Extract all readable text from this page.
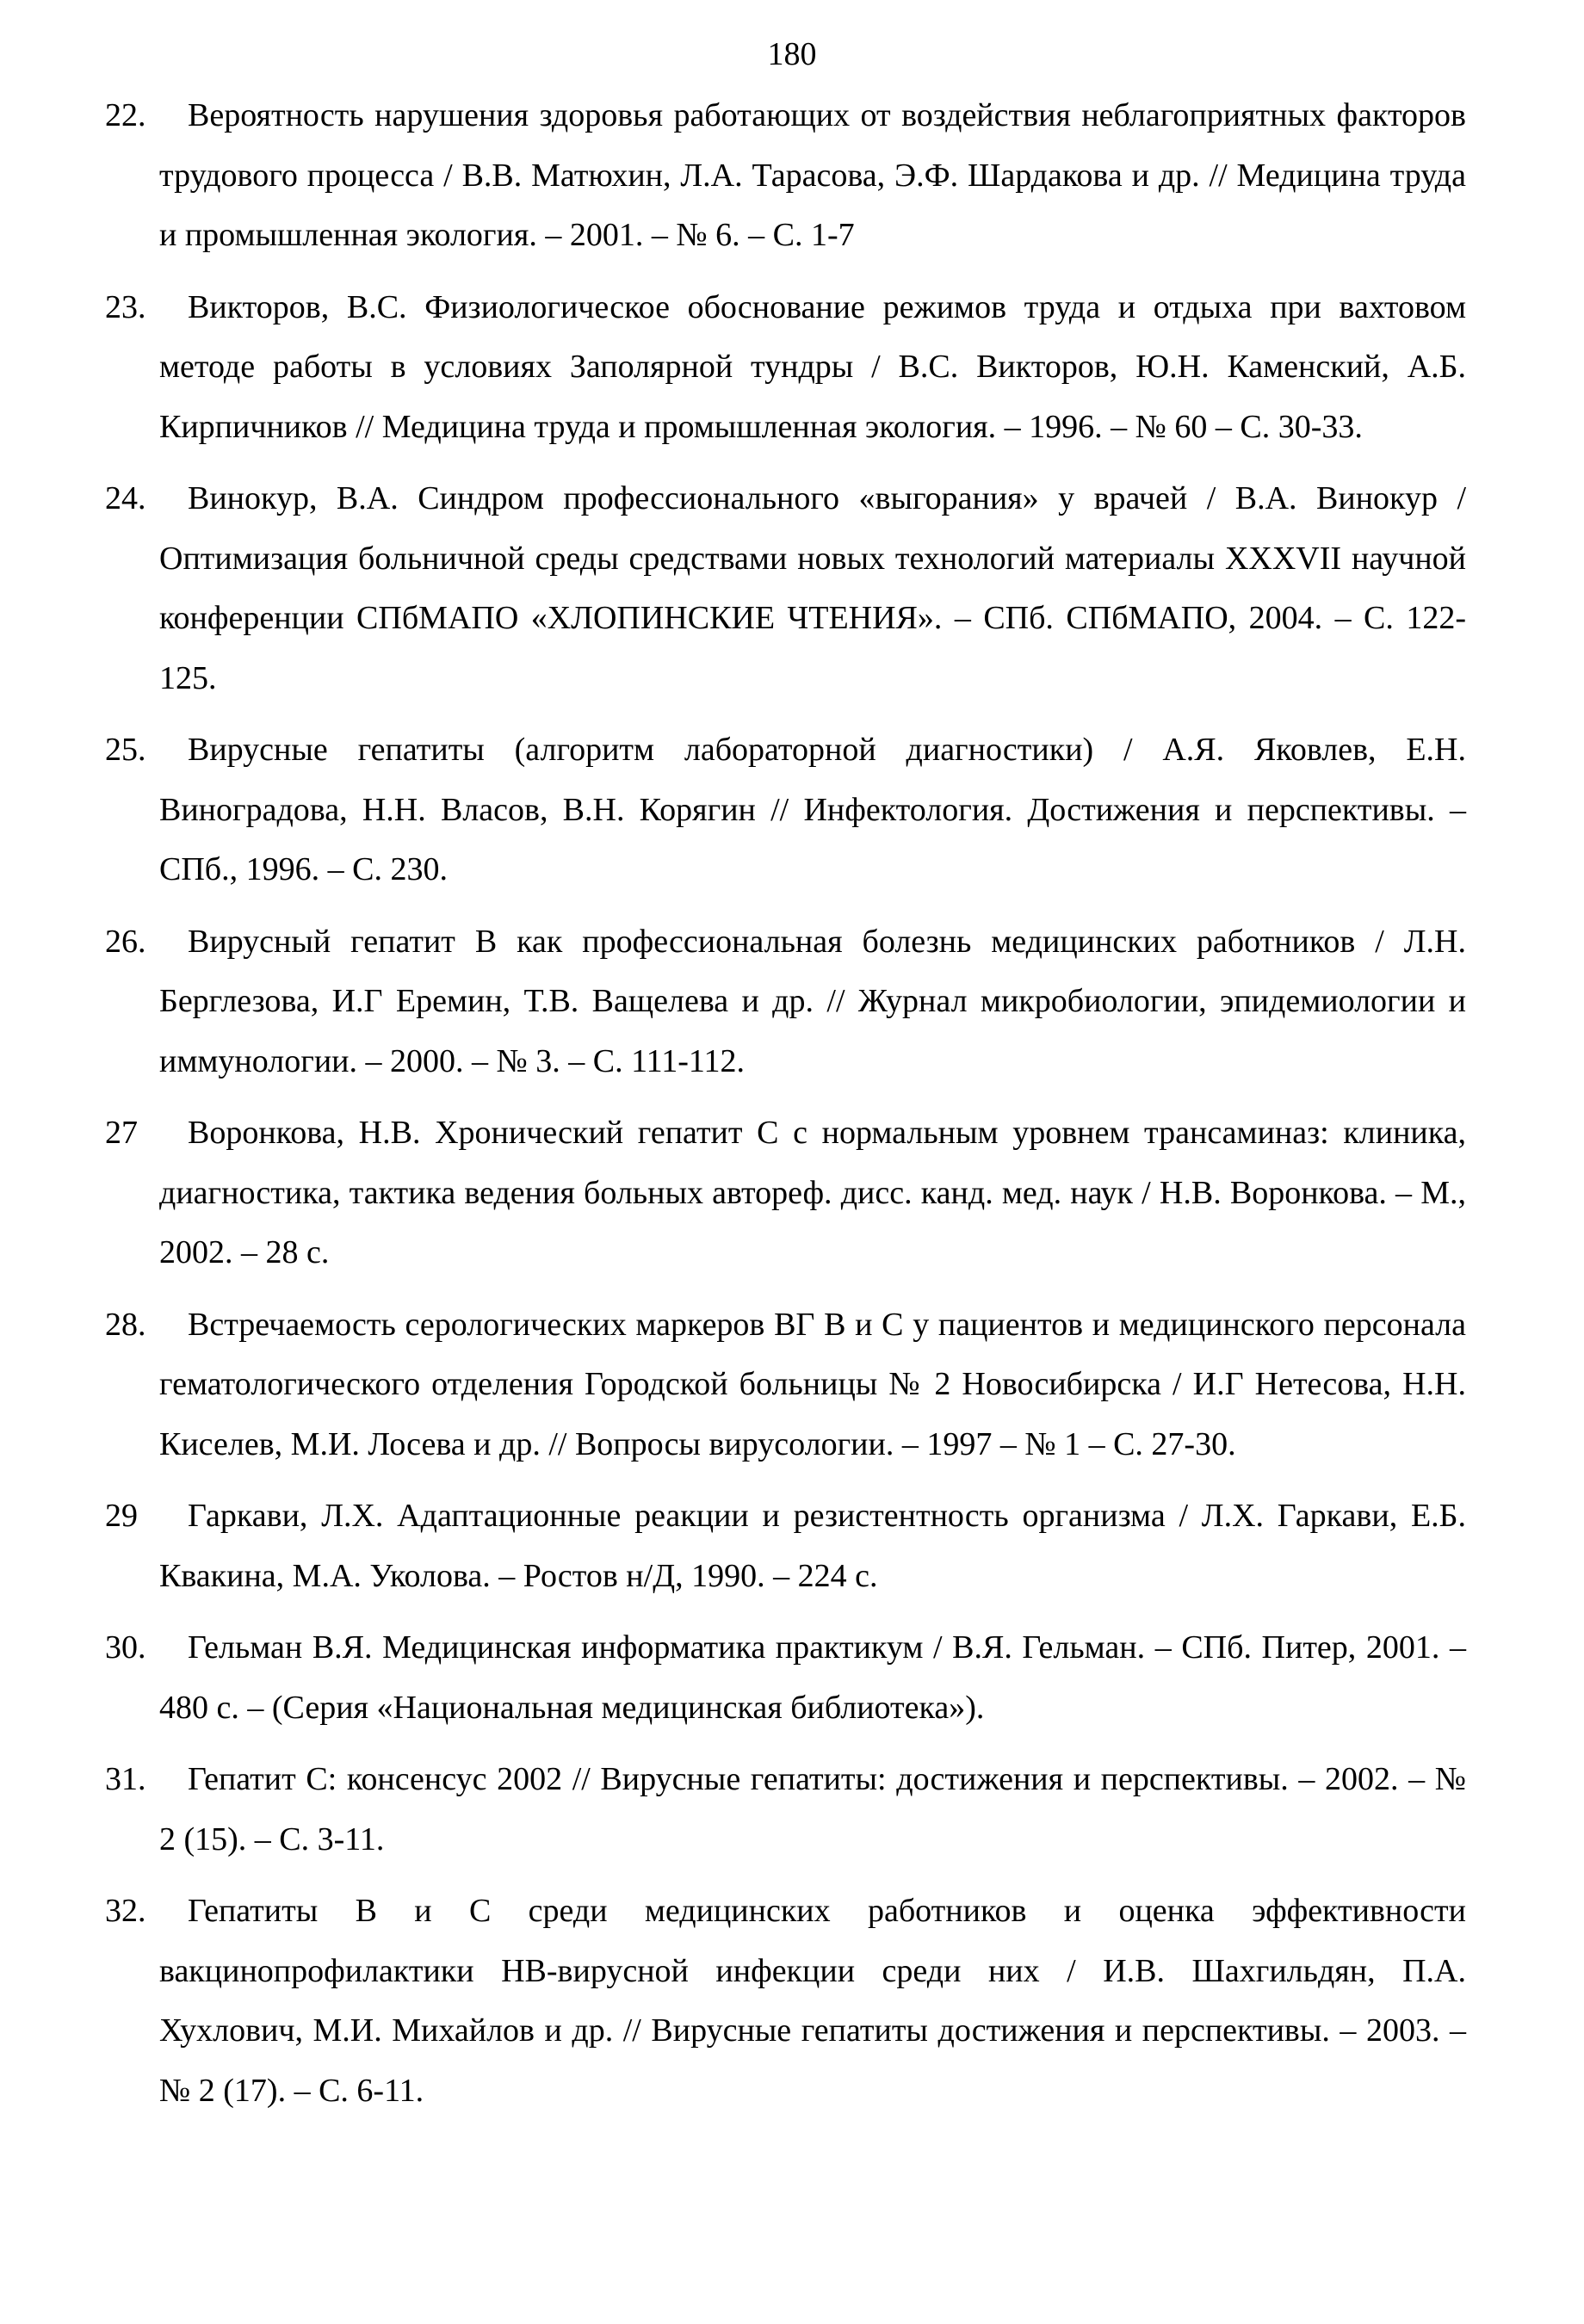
180
22.	Вероятность нарушения здоровья работающих от воздействия неблагоприятных факторов трудового процесса / В.В. Матюхин, Л.А. Тарасова, Э.Ф. Шардакова и др. // Медицина труда и промышленная экология. – 2001. – № 6. – С. 1-7
23.	Викторов, В.С. Физиологическое обоснование режимов труда и отдыха при вахтовом методе работы в условиях Заполярной тундры / В.С. Викторов, Ю.Н. Каменский, А.Б. Кирпичников // Медицина труда и промышленная экология. – 1996. – № 60 – С. 30-33.
24.	Винокур, В.А. Синдром профессионального «выгорания» у врачей / В.А. Винокур / Оптимизация больничной среды средствами новых технологий материалы XXXVII научной конференции СПбМАПО «ХЛОПИНСКИЕ ЧТЕНИЯ». – СПб. СПбМАПО, 2004. – С. 122-125.
25.	Вирусные гепатиты (алгоритм лабораторной диагностики) / А.Я. Яковлев, Е.Н. Виноградова, Н.Н. Власов, В.Н. Корягин // Инфектология. Достижения и перспективы. – СПб., 1996. – С. 230.
26.	Вирусный гепатит В как профессиональная болезнь медицинских работников / Л.Н. Берглезова, И.Г Еремин, Т.В. Ващелева и др. // Журнал микробиологии, эпидемиологии и иммунологии. – 2000. – № 3. – С. 111-112.
27	Воронкова, Н.В. Хронический гепатит С с нормальным уровнем трансаминаз: клиника, диагностика, тактика ведения больных автореф. дисс. канд. мед. наук / Н.В. Воронкова. – М., 2002. – 28 с.
28.	Встречаемость серологических маркеров ВГ В и С у пациентов и медицинского персонала гематологического отделения Городской больницы № 2 Новосибирска / И.Г Нетесова, Н.Н. Киселев, М.И. Лосева и др. // Вопросы вирусологии. – 1997 – № 1 – С. 27-30.
29	Гаркави, Л.Х. Адаптационные реакции и резистентность организма / Л.Х. Гаркави, Е.Б. Квакина, М.А. Уколова. – Ростов н/Д, 1990. – 224 с.
30.	Гельман В.Я. Медицинская информатика практикум / В.Я. Гельман. – СПб. Питер, 2001. – 480 с. – (Серия «Национальная медицинская библиотека»).
31.	Гепатит С: консенсус 2002 // Вирусные гепатиты: достижения и перспективы. – 2002. – № 2 (15). – С. 3-11.
32.	Гепатиты В и С среди медицинских работников и оценка эффективности вакцинопрофилактики НВ-вирусной инфекции среди них / И.В. Шахгильдян, П.А. Хухлович, М.И. Михайлов и др. // Вирусные гепатиты достижения и перспективы. – 2003. – № 2 (17). – С. 6-11.
